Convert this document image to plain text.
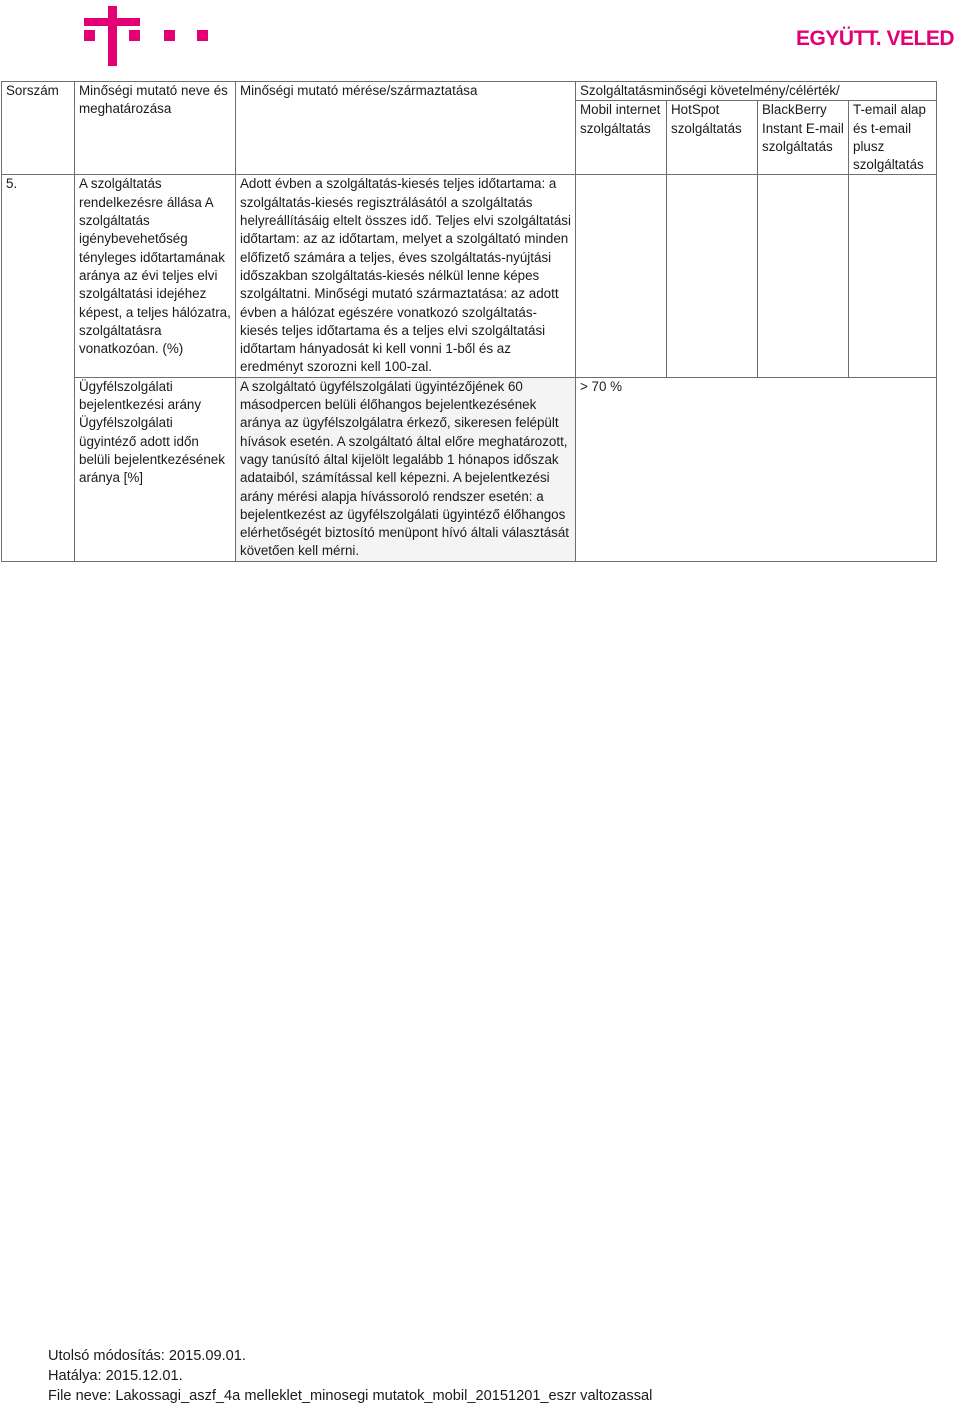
EGYÜTT. VELED
Sorszám	Minőségi mutató neve és meghatározása	Minőségi mutató mérése/származtatása	Szolgáltatásminőségi követelmény/célérték/			
			Mobil internet szolgáltatás	HotSpot szolgáltatás	BlackBerry Instant E-mail szolgáltatás	T-email alap és t-email plusz szolgáltatás
5.	A szolgáltatás rendelkezésre állása A szolgáltatás igénybevehetőség tényleges időtartamának aránya az évi teljes elvi szolgáltatási idejéhez képest, a teljes hálózatra, szolgáltatásra vonatkozóan. (%)	Adott évben a szolgáltatás-kiesés teljes időtartama: a szolgáltatás-kiesés regisztrálásától a szolgáltatás helyreállításáig eltelt összes idő. Teljes elvi szolgáltatási időtartam: az az időtartam, melyet a szolgáltató minden előfizető számára a teljes, éves szolgáltatás-nyújtási időszakban szolgáltatás-kiesés nélkül lenne képes szolgáltatni. Minőségi mutató származtatása: az adott évben a hálózat egészére vonatkozó szolgáltatás-kiesés teljes időtartama és a teljes elvi szolgáltatási időtartam hányadosát ki kell vonni 1-ből és az eredményt szorozni kell 100-zal.				
	Ügyfélszolgálati bejelentkezési arány Ügyfélszolgálati ügyintéző adott időn belüli bejelentkezésének aránya [%]	A szolgáltató ügyfélszolgálati ügyintézőjének 60 másodpercen belüli élőhangos bejelentkezésének aránya az ügyfélszolgálatra érkező, sikeresen felépült hívások esetén. A szolgáltató által előre meghatározott, vagy tanúsító által kijelölt legalább 1 hónapos időszak adataiból, számítással kell képezni. A bejelentkezési arány mérési alapja hívássoroló rendszer esetén: a bejelentkezést az ügyfélszolgálati ügyintéző élőhangos elérhetőségét biztosító menüpont hívó általi választását követően kell mérni.	> 70 %			
Utolsó módosítás: 2015.09.01.
Hatálya: 2015.12.01.
File neve: Lakossagi_aszf_4a melleklet_minosegi mutatok_mobil_20151201_eszr valtozassal
